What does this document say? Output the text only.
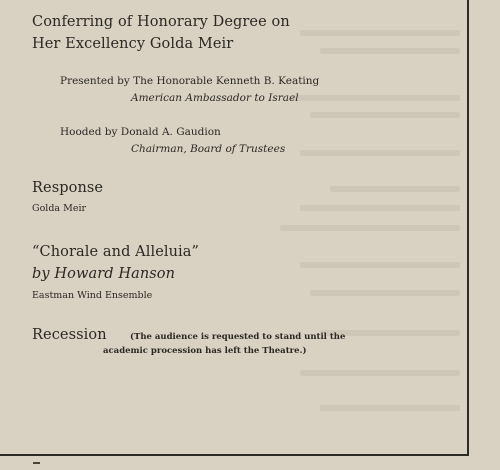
Conferring of Honorary Degree on
Her Excellency Golda Meir
Presented by The Honorable Kenneth B. Keating
American Ambassador to Israel
Hooded by Donald A. Gaudion
Chairman, Board of Trustees
Response
Golda Meir
“Chorale and Alleluia”
by Howard Hanson
Eastman Wind Ensemble
Recession	(The audience is requested to stand until the
academic procession has left the Theatre.)
